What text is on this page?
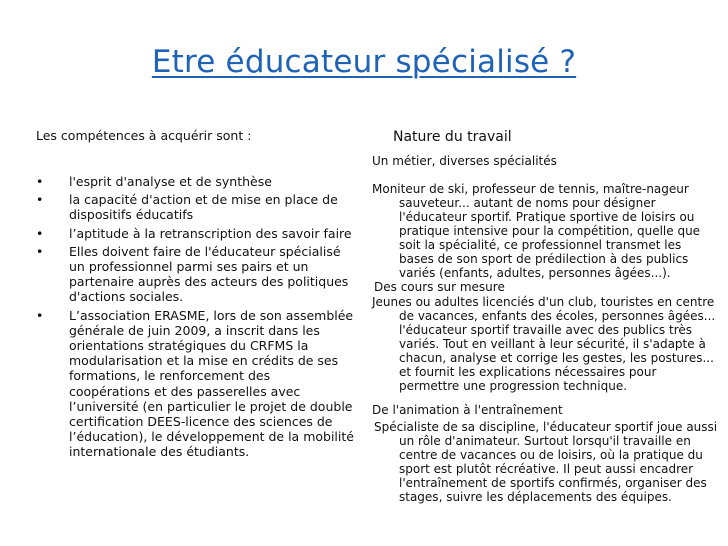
Etre éducateur spécialisé ?

Les compétences à acquérir sont :

• l'esprit d'analyse et de synthèse
• la capacité d'action et de mise en place de dispositifs éducatifs
• l’aptitude à la retranscription des savoir faire
• Elles doivent faire de l'éducateur spécialisé un professionnel parmi ses pairs et un partenaire auprès des acteurs des politiques d'actions sociales.
• L’association ERASME, lors de son assemblée générale de juin 2009, a inscrit dans les orientations stratégiques du CRFMS la modularisation et la mise en crédits de ses formations, le renforcement des coopérations et des passerelles avec l’université (en particulier le projet de double certification DEES-licence des sciences de l’éducation), le développement de la mobilité internationale des étudiants.

Nature du travail

Un métier, diverses spécialités

Moniteur de ski, professeur de tennis, maître-nageur sauveteur... autant de noms pour désigner l'éducateur sportif. Pratique sportive de loisirs ou pratique intensive pour la compétition, quelle que soit la spécialité, ce professionnel transmet les bases de son sport de prédilection à des publics variés (enfants, adultes, personnes âgées...).

Des cours sur mesure

Jeunes ou adultes licenciés d'un club, touristes en centre de vacances, enfants des écoles, personnes âgées... l'éducateur sportif travaille avec des publics très variés. Tout en veillant à leur sécurité, il s'adapte à chacun, analyse et corrige les gestes, les postures... et fournit les explications nécessaires pour permettre une progression technique.

De l'animation à l'entraînement

Spécialiste de sa discipline, l'éducateur sportif joue aussi un rôle d'animateur. Surtout lorsqu'il travaille en centre de vacances ou de loisirs, où la pratique du sport est plutôt récréative. Il peut aussi encadrer l'entraînement de sportifs confirmés, organiser des stages, suivre les déplacements des équipes.
